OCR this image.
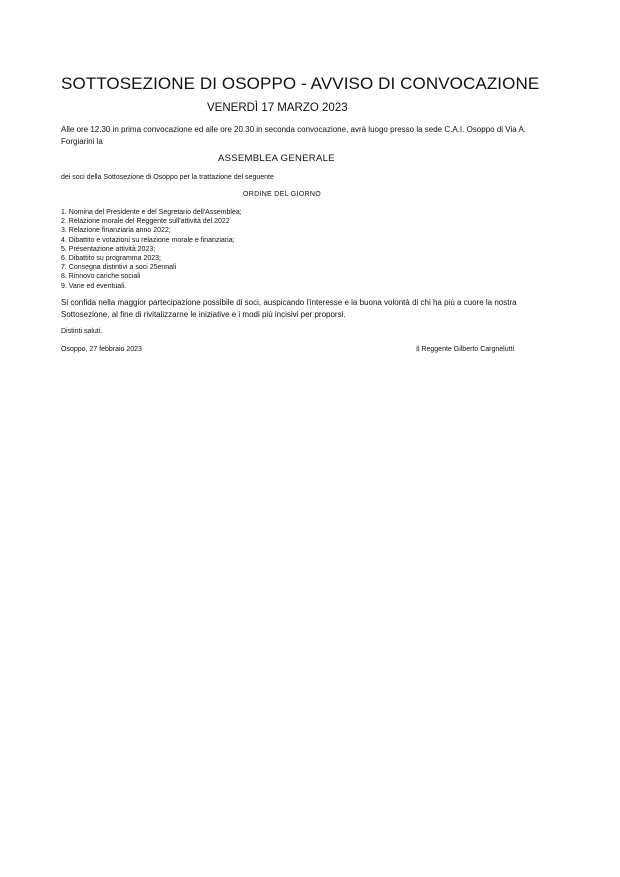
SOTTOSEZIONE DI OSOPPO - AVVISO DI CONVOCAZIONE
VENERDÌ 17 MARZO 2023
Alle ore 12.30 in prima convocazione ed alle ore 20.30 in seconda convocazione, avrà luogo presso la sede C.A.I. Osoppo di Via A. Forgiarini la
ASSEMBLEA GENERALE
dei soci della Sottosezione di Osoppo per la trattazione del seguente
ORDINE DEL GIORNO
1. Nomina del Presidente e del Segretario dell'Assemblea;
2. Relazione morale del Reggente sull'attività del 2022
3. Relazione finanziaria anno 2022;
4. Dibattito e votazioni su relazione morale e finanziaria;
5. Presentazione attività 2023;
6. Dibattito su programma 2023;
7. Consegna distintivi a soci 25ennali
8. Rinnovo cariche sociali
9. Varie ed eventuali.
Si confida nella maggior partecipazione possibile di soci, auspicando l'interesse e la buona volontà di chi ha più a cuore la nostra Sottosezione, al fine di rivitalizzarne le iniziative e i modi più incisivi per proporsi.
Distinti saluti.
Osoppo, 27 febbraio 2023	Il Reggente Gilberto Cargnelutti
